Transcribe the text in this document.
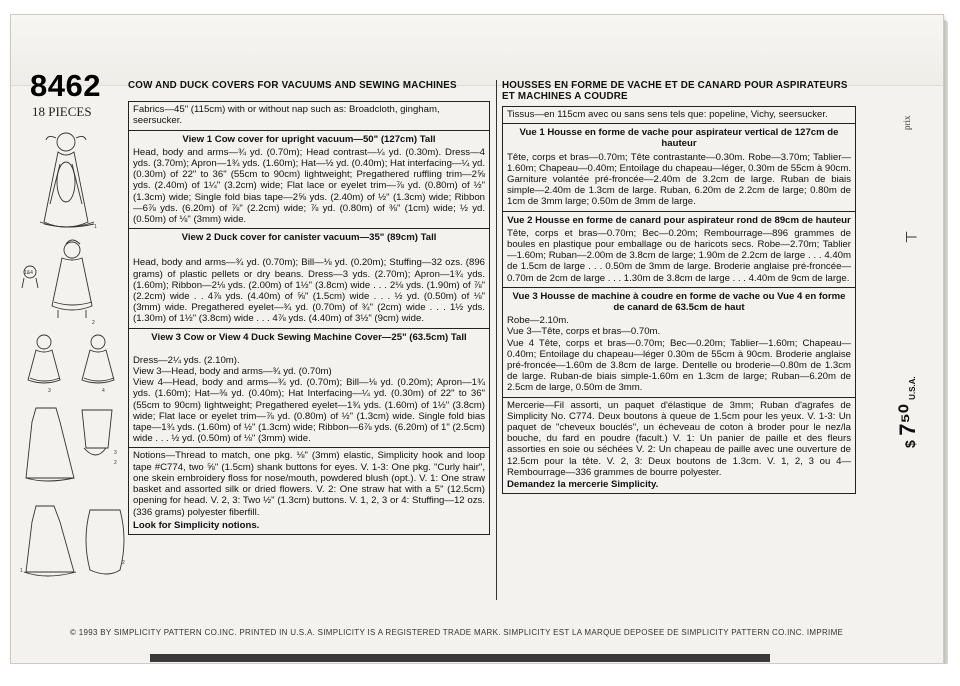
8462
18 PIECES
1
1&4
2
3	4
3
2
1
2
COW AND DUCK COVERS FOR VACUUMS AND SEWING MACHINES
Fabrics—45" (115cm) with or without nap such as: Broadcloth, gingham, seersucker.
View 1 Cow cover for upright vacuum—50" (127cm) Tall
Head, body and arms—¾ yd. (0.70m); Head contrast—¼ yd. (0.30m). Dress—4 yds. (3.70m); Apron—1¾ yds. (1.60m); Hat—½ yd. (0.40m); Hat interfacing—¼ yd. (0.30m) of 22" to 36" (55cm to 90cm) lightweight; Pregathered ruffling trim—2⅝ yds. (2.40m) of 1¼" (3.2cm) wide; Flat lace or eyelet trim—⅞ yd. (0.80m) of ½" (1.3cm) wide; Single fold bias tape—2⅝ yds. (2.40m) of ½" (1.3cm) wide; Ribbon—6⅞ yds. (6.20m) of ⅞" (2.2cm) wide; ⅞ yd. (0.80m) of ⅜" (1cm) wide; ½ yd. (0.50m) of ⅛" (3mm) wide.
View 2 Duck cover for canister vacuum—35" (89cm) Tall
Head, body and arms—¾ yd. (0.70m); Bill—⅛ yd. (0.20m); Stuffing—32 ozs. (896 grams) of plastic pellets or dry beans. Dress—3 yds. (2.70m); Apron—1¾ yds. (1.60m); Ribbon—2⅛ yds. (2.00m) of 1½" (3.8cm) wide . . . 2⅛ yds. (1.90m) of ⅞" (2.2cm) wide . . 4⅞ yds. (4.40m) of ⅝" (1.5cm) wide . . . ½ yd. (0.50m) of ⅛" (3mm) wide. Pregathered eyelet—¾ yd. (0.70m) of ¾" (2cm) wide . . . 1½ yds. (1.30m) of 1½" (3.8cm) wide . . . 4⅞ yds. (4.40m) of 3½" (9cm) wide.
View 3 Cow or View 4 Duck Sewing Machine Cover—25" (63.5cm) Tall
Dress—2¼ yds. (2.10m).
View 3—Head, body and arms—¾ yd. (0.70m)
View 4—Head, body and arms—¾ yd. (0.70m); Bill—⅛ yd. (0.20m); Apron—1¾ yds. (1.60m); Hat—⅜ yd. (0.40m); Hat Interfacing—¼ yd. (0.30m) of 22" to 36" (55cm to 90cm) lightweight; Pregathered eyelet—1¾ yds. (1.60m) of 1½" (3.8cm) wide; Flat lace or eyelet trim—⅞ yd. (0.80m) of ½" (1.3cm) wide. Single fold bias tape—1¾ yds. (1.60m) of ½" (1.3cm) wide; Ribbon—6⅞ yds. (6.20m) of 1" (2.5cm) wide . . . ½ yd. (0.50m) of ⅛" (3mm) wide.
Notions—Thread to match, one pkg. ⅛" (3mm) elastic, Simplicity hook and loop tape #C774, two ⅝" (1.5cm) shank buttons for eyes. V. 1-3: One pkg. "Curly hair", one skein embroidery floss for nose/mouth, powdered blush (opt.). V. 1: One straw basket and assorted silk or dried flowers. V. 2: One straw hat with a 5" (12.5cm) opening for head. V. 2, 3: Two ½" (1.3cm) buttons. V. 1, 2, 3 or 4: Stuffing—12 ozs. (336 grams) polyester fiberfill.
Look for Simplicity notions.
HOUSSES EN FORME DE VACHE ET DE CANARD POUR ASPIRATEURS ET MACHINES A COUDRE
Tissus—en 115cm avec ou sans sens tels que: popeline, Vichy, seersucker.
Vue 1 Housse en forme de vache pour aspirateur vertical de 127cm de hauteur
Tête, corps et bras—0.70m; Tête contrastante—0.30m. Robe—3.70m; Tablier—1.60m; Chapeau—0.40m; Entoilage du chapeau—léger, 0.30m de 55cm à 90cm. Garniture volantée pré-froncée—2.40m de 3.2cm de large. Ruban de biais simple—2.40m de 1.3cm de large. Ruban, 6.20m de 2.2cm de large; 0.80m de 1cm de 3mm large; 0.50m de 3mm de large.
Vue 2 Housse en forme de canard pour aspirateur rond de 89cm de hauteur
Tête, corps et bras—0.70m; Bec—0.20m; Rembourrage—896 grammes de boules en plastique pour emballage ou de haricots secs. Robe—2.70m; Tablier—1.60m; Ruban—2.00m de 3.8cm de large; 1.90m de 2.2cm de large . . . 4.40m de 1.5cm de large . . . 0.50m de 3mm de large. Broderie anglaise pré-froncée—0.70m de 2cm de large . . . 1.30m de 3.8cm de large . . . 4.40m de 9cm de large.
Vue 3 Housse de machine à coudre en forme de vache ou Vue 4 en forme de canard de 63.5cm de haut
Robe—2.10m.
Vue 3—Tête, corps et bras—0.70m.
Vue 4 Tête, corps et bras—0.70m; Bec—0.20m; Tablier—1.60m; Chapeau—0.40m; Entoilage du chapeau—léger 0.30m de 55cm à 90cm. Broderie anglaise pré-froncée—1.60m de 3.8cm de large. Dentelle ou broderie—0.80m de 1.3cm de large. Ruban-de biais simple-1.60m en 1.3cm de large; Ruban—6.20m de 2.5cm de large, 0.50m de 3mm.
Mercerie—Fil assorti, un paquet d'élastique de 3mm; Ruban d'agrafes de Simplicity No. C774. Deux boutons à queue de 1.5cm pour les yeux. V. 1-3: Un paquet de "cheveux bouclés", un écheveau de coton à broder pour le nez/la bouche, du fard en poudre (facult.) V. 1: Un panier de paille et des fleurs assorties en soie ou séchées V. 2: Un chapeau de paille avec une ouverture de 12.5cm pour la tête. V. 2, 3: Deux boutons de 1.3cm. V. 1, 2, 3 ou 4—Rembourrage—336 grammes de bourre polyester.
Demandez la mercerie Simplicity.
prix
⊤
$ 7⁵⁰ U.S.A.
© 1993 BY SIMPLICITY PATTERN CO.INC. PRINTED IN U.S.A. SIMPLICITY IS A REGISTERED TRADE MARK. SIMPLICITY EST LA MARQUE DEPOSEE DE SIMPLICITY PATTERN CO.INC. IMPRIME
